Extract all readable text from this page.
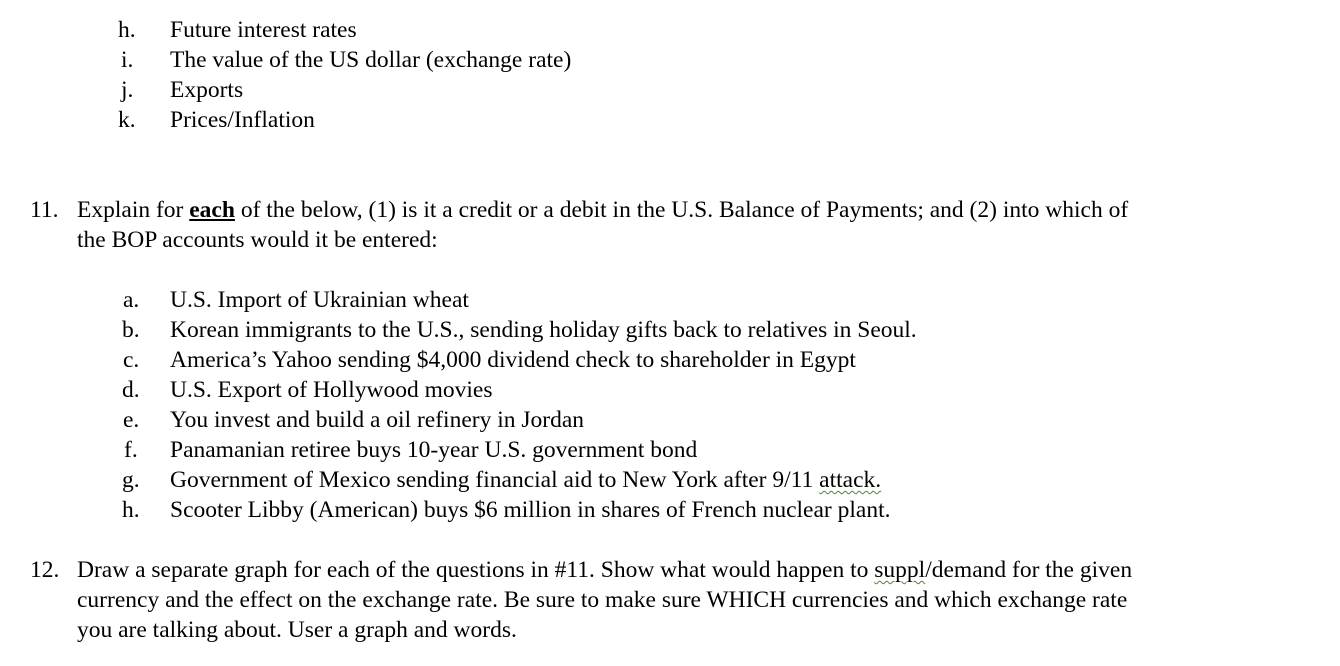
h. Future interest rates
i. The value of the US dollar (exchange rate)
j. Exports
k. Prices/Inflation
11. Explain for each of the below, (1) is it a credit or a debit in the U.S. Balance of Payments; and (2) into which of
the BOP accounts would it be entered:
a. U.S. Import of Ukrainian wheat
b. Korean immigrants to the U.S., sending holiday gifts back to relatives in Seoul.
c. America’s Yahoo sending $4,000 dividend check to shareholder in Egypt
d. U.S. Export of Hollywood movies
e. You invest and build a oil refinery in Jordan
f. Panamanian retiree buys 10-year U.S. government bond
g. Government of Mexico sending financial aid to New York after 9/11 attack.
h. Scooter Libby (American) buys $6 million in shares of French nuclear plant.
12. Draw a separate graph for each of the questions in #11. Show what would happen to suppl/demand for the given
currency and the effect on the exchange rate. Be sure to make sure WHICH currencies and which exchange rate
you are talking about. User a graph and words.
